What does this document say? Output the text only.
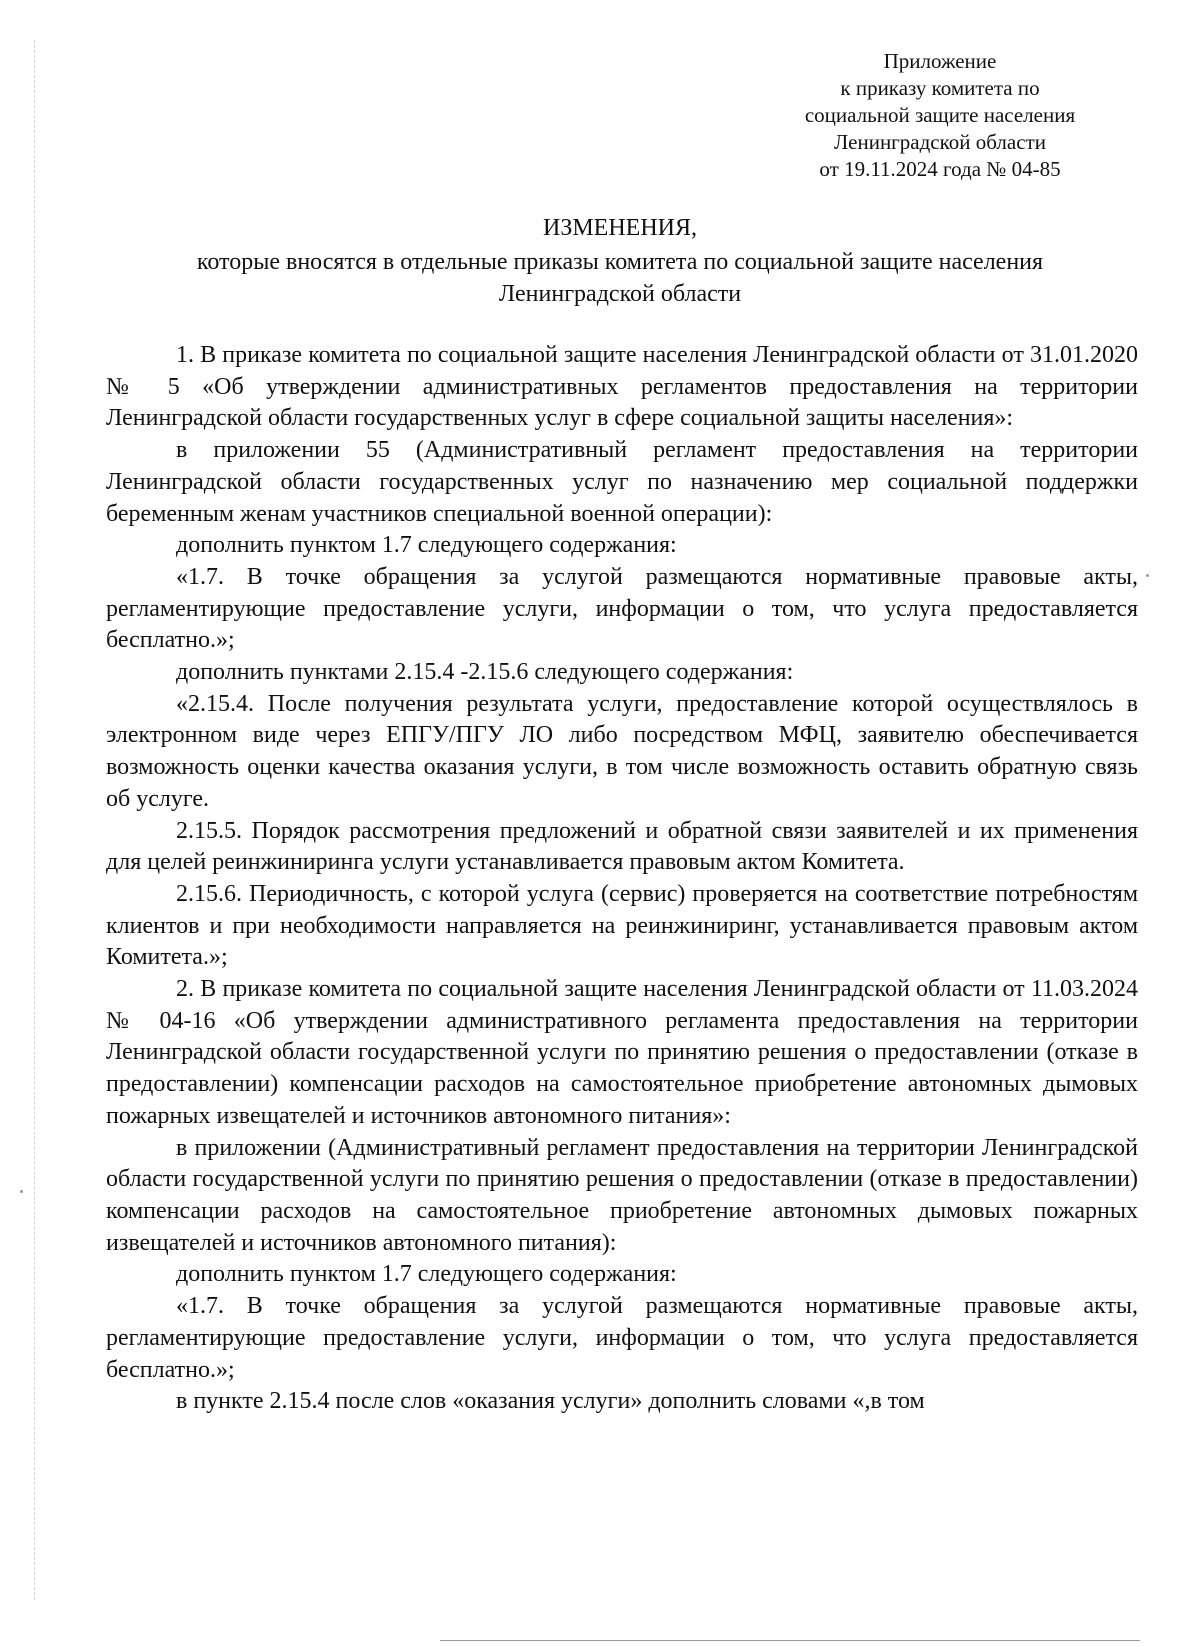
Приложение
к приказу комитета по
социальной защите населения
Ленинградской области
от 19.11.2024 года № 04-85
ИЗМЕНЕНИЯ,
которые вносятся в отдельные приказы комитета по социальной защите населения Ленинградской области

1. В приказе комитета по социальной защите населения Ленинградской области от 31.01.2020 № 5 «Об утверждении административных регламентов предоставления на территории Ленинградской области государственных услуг в сфере социальной защиты населения»:

в приложении 55 (Административный регламент предоставления на территории Ленинградской области государственных услуг по назначению мер социальной поддержки беременным женам участников специальной военной операции):

дополнить пунктом 1.7 следующего содержания:

«1.7. В точке обращения за услугой размещаются нормативные правовые акты, регламентирующие предоставление услуги, информации о том, что услуга предоставляется бесплатно.»;

дополнить пунктами 2.15.4 -2.15.6 следующего содержания:

«2.15.4. После получения результата услуги, предоставление которой осуществлялось в электронном виде через ЕПГУ/ПГУ ЛО либо посредством МФЦ, заявителю обеспечивается возможность оценки качества оказания услуги, в том числе возможность оставить обратную связь об услуге.

2.15.5. Порядок рассмотрения предложений и обратной связи заявителей и их применения для целей реинжиниринга услуги устанавливается правовым актом Комитета.

2.15.6. Периодичность, с которой услуга (сервис) проверяется на соответствие потребностям клиентов и при необходимости направляется на реинжиниринг, устанавливается правовым актом Комитета.»;

2. В приказе комитета по социальной защите населения Ленинградской области от 11.03.2024 № 04-16 «Об утверждении административного регламента предоставления на территории Ленинградской области государственной услуги по принятию решения о предоставлении (отказе в предоставлении) компенсации расходов на самостоятельное приобретение автономных дымовых пожарных извещателей и источников автономного питания»:

в приложении (Административный регламент предоставления на территории Ленинградской области государственной услуги по принятию решения о предоставлении (отказе в предоставлении) компенсации расходов на самостоятельное приобретение автономных дымовых пожарных извещателей и источников автономного питания):

дополнить пунктом 1.7 следующего содержания:

«1.7. В точке обращения за услугой размещаются нормативные правовые акты, регламентирующие предоставление услуги, информации о том, что услуга предоставляется бесплатно.»;

в пункте 2.15.4 после слов «оказания услуги» дополнить словами «,в том
